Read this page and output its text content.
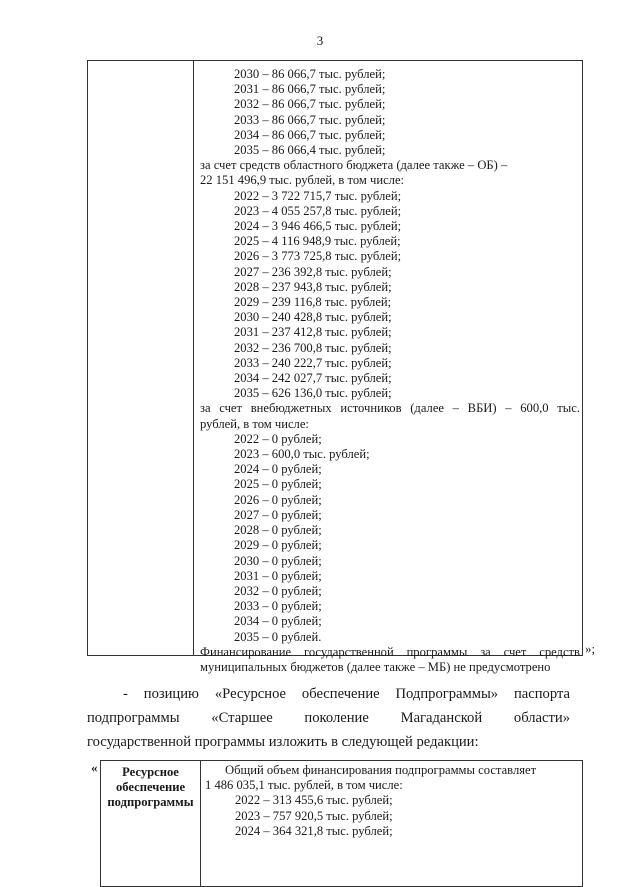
3
2030 – 86 066,7 тыс. рублей;
2031 – 86 066,7 тыс. рублей;
2032 – 86 066,7 тыс. рублей;
2033 – 86 066,7 тыс. рублей;
2034 – 86 066,7 тыс. рублей;
2035 – 86 066,4 тыс. рублей;
за счет средств областного бюджета (далее также – ОБ) –
22 151 496,9 тыс. рублей, в том числе:
2022 – 3 722 715,7 тыс. рублей;
2023 – 4 055 257,8 тыс. рублей;
2024 – 3 946 466,5 тыс. рублей;
2025 – 4 116 948,9 тыс. рублей;
2026 – 3 773 725,8 тыс. рублей;
2027 – 236 392,8 тыс. рублей;
2028 – 237 943,8 тыс. рублей;
2029 – 239 116,8 тыс. рублей;
2030 – 240 428,8 тыс. рублей;
2031 – 237 412,8 тыс. рублей;
2032 – 236 700,8 тыс. рублей;
2033 – 240 222,7 тыс. рублей;
2034 – 242 027,7 тыс. рублей;
2035 – 626 136,0 тыс. рублей;
за счет внебюджетных источников (далее – ВБИ) – 600,0 тыс.
рублей, в том числе:
2022 – 0 рублей;
2023 – 600,0 тыс. рублей;
2024 – 0 рублей;
2025 – 0 рублей;
2026 – 0 рублей;
2027 – 0 рублей;
2028 – 0 рублей;
2029 – 0 рублей;
2030 – 0 рублей;
2031 – 0 рублей;
2032 – 0 рублей;
2033 – 0 рублей;
2034 – 0 рублей;
2035 – 0 рублей.
Финансирование государственной программы за счет средств
муниципальных бюджетов (далее также – МБ) не предусмотрено
»;
- позицию «Ресурсное обеспечение Подпрограммы» паспорта
подпрограммы «Старшее поколение Магаданской области»
государственной программы изложить в следующей редакции:
«	Ресурсное
обеспечение
подпрограммы
Общий объем финансирования подпрограммы составляет
1 486 035,1 тыс. рублей, в том числе:
2022 – 313 455,6 тыс. рублей;
2023 – 757 920,5 тыс. рублей;
2024 – 364 321,8 тыс. рублей;
